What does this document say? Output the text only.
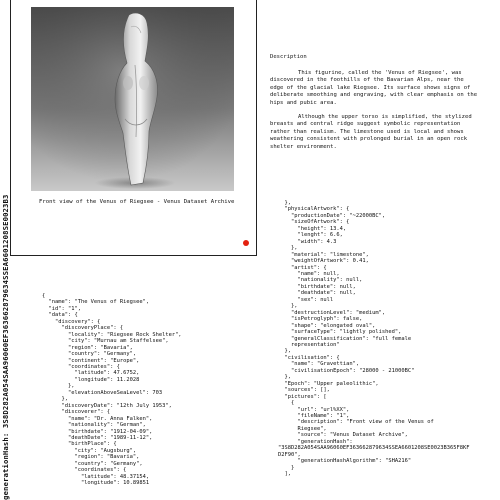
generationHash: 3S8D282A054SAA96060EF363662879634SSEA6601208SE0023B3	Front view of the Venus of Riegsee - Venus Dataset Archive
Description

This figurine, called the 'Venus of Riegsee', was discovered in the foothills of the Bavarian Alps, near the edge of the glacial lake Riegsee. Its surface shows signs of deliberate smoothing and engraving, with clear emphasis on the hips and pubic area.

Although the upper torso is simplified, the stylized breasts and central ridge suggest symbolic representation rather than realism. The limestone used is local and shows weathering consistent with prolonged burial in an open rock shelter environment.

{
"name": "The Venus of Riegsee",
"id": "1",
"data": {
"discovery": {
"discoveryPlace": {
"locality": "Riegsee Rock Shelter",
"city": "Murnau am Staffelsee",
"region": "Bavaria",
"country": "Germany",
"continent": "Europe",
"coordinates": {
"latitude": 47.6752,
"longitude": 11.2028
},
"elevationAboveSeaLevel": 703
},
"discoveryDate": "12th July 1953",
"discoverer": {
"name": "Dr. Anna Falken",
"nationality": "German",
"birthdate": "1912-04-09",
"deathDate": "1989-11-12",
"birthPlace": {
"city": "Augsburg",
"region": "Bavaria",
"country": "Germany",
"coordinates": {
"latitude": 48.37154,
"longitude": 10.89851
},
"physicalArtwork": {
"productionDate": "~22000BC",
"sizeOfArtwork": {
"height": 13.4,
"lenght": 6.6,
"width": 4.3
},
"material": "limestone",
"weightOfArtwork": 0.41,
"artist": {
"name": null,
"nationality": null,
"birthdate": null,
"deathdate": null,
"sex": null
},
"destructionLevel": "medium",
"isPetroglyph": false,
"shape": "elongated oval",
"surfaceType": "lightly polished",
"generalClassification": "full female
representation"
},
"civilisation": {
"name": "Gravettian",
"civilisationEpoch": "28000 - 21000BC"
},
"Epoch": "Upper paleolithic",
"sources": [],
"pictures": [
{
"url": "url%XX",
"fileName": "1",
"description": "Front view of the Venus of
Riegsee",
"source": "Venus Dataset Archive",
"generationHash":
"3S8D282A054SAA96060EF363662879634SSEA6601208SE0023B365F8KF
D2F90",
"generationHashAlgorithm": "SHA216"
}
],
